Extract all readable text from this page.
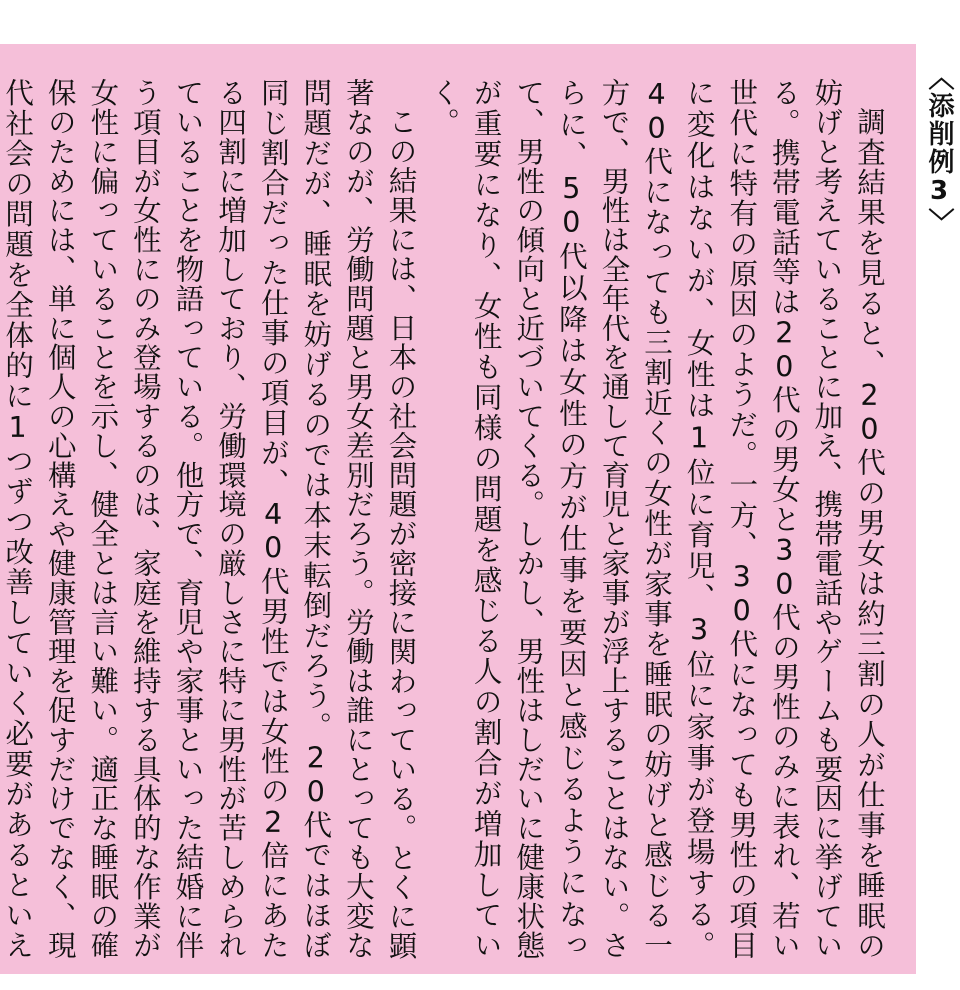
〈添削例3〉

調査結果を見ると、20代の男女は約三割の人が仕事を睡眠の妨げと考えていることに加え、携帯電話やゲームも要因に挙げている。携帯電話等は20代の男女と30代の男性のみに表れ、若い世代に特有の原因のようだ。一方、30代になっても男性の項目に変化はないが、女性は1位に育児、3位に家事が登場する。40代になっても三割近くの女性が家事を睡眠の妨げと感じる一方で、男性は全年代を通して育児と家事が浮上することはない。さらに、50代以降は女性の方が仕事を要因と感じるようになって、男性の傾向と近づいてくる。しかし、男性はしだいに健康状態が重要になり、女性も同様の問題を感じる人の割合が増加していく。

この結果には、日本の社会問題が密接に関わっている。とくに顕著なのが、労働問題と男女差別だろう。労働は誰にとっても大変な問題だが、睡眠を妨げるのでは本末転倒だろう。20代ではほぼ同じ割合だった仕事の項目が、40代男性では女性の2倍にあたる四割に増加しており、労働環境の厳しさに特に男性が苦しめられていることを物語っている。他方で、育児や家事といった結婚に伴う項目が女性にのみ登場するのは、家庭を維持する具体的な作業が女性に偏っていることを示し、健全とは言い難い。適正な睡眠の確保のためには、単に個人の心構えや健康管理を促すだけでなく、現代社会の問題を全体的に1つずつ改善していく必要があるといえ
